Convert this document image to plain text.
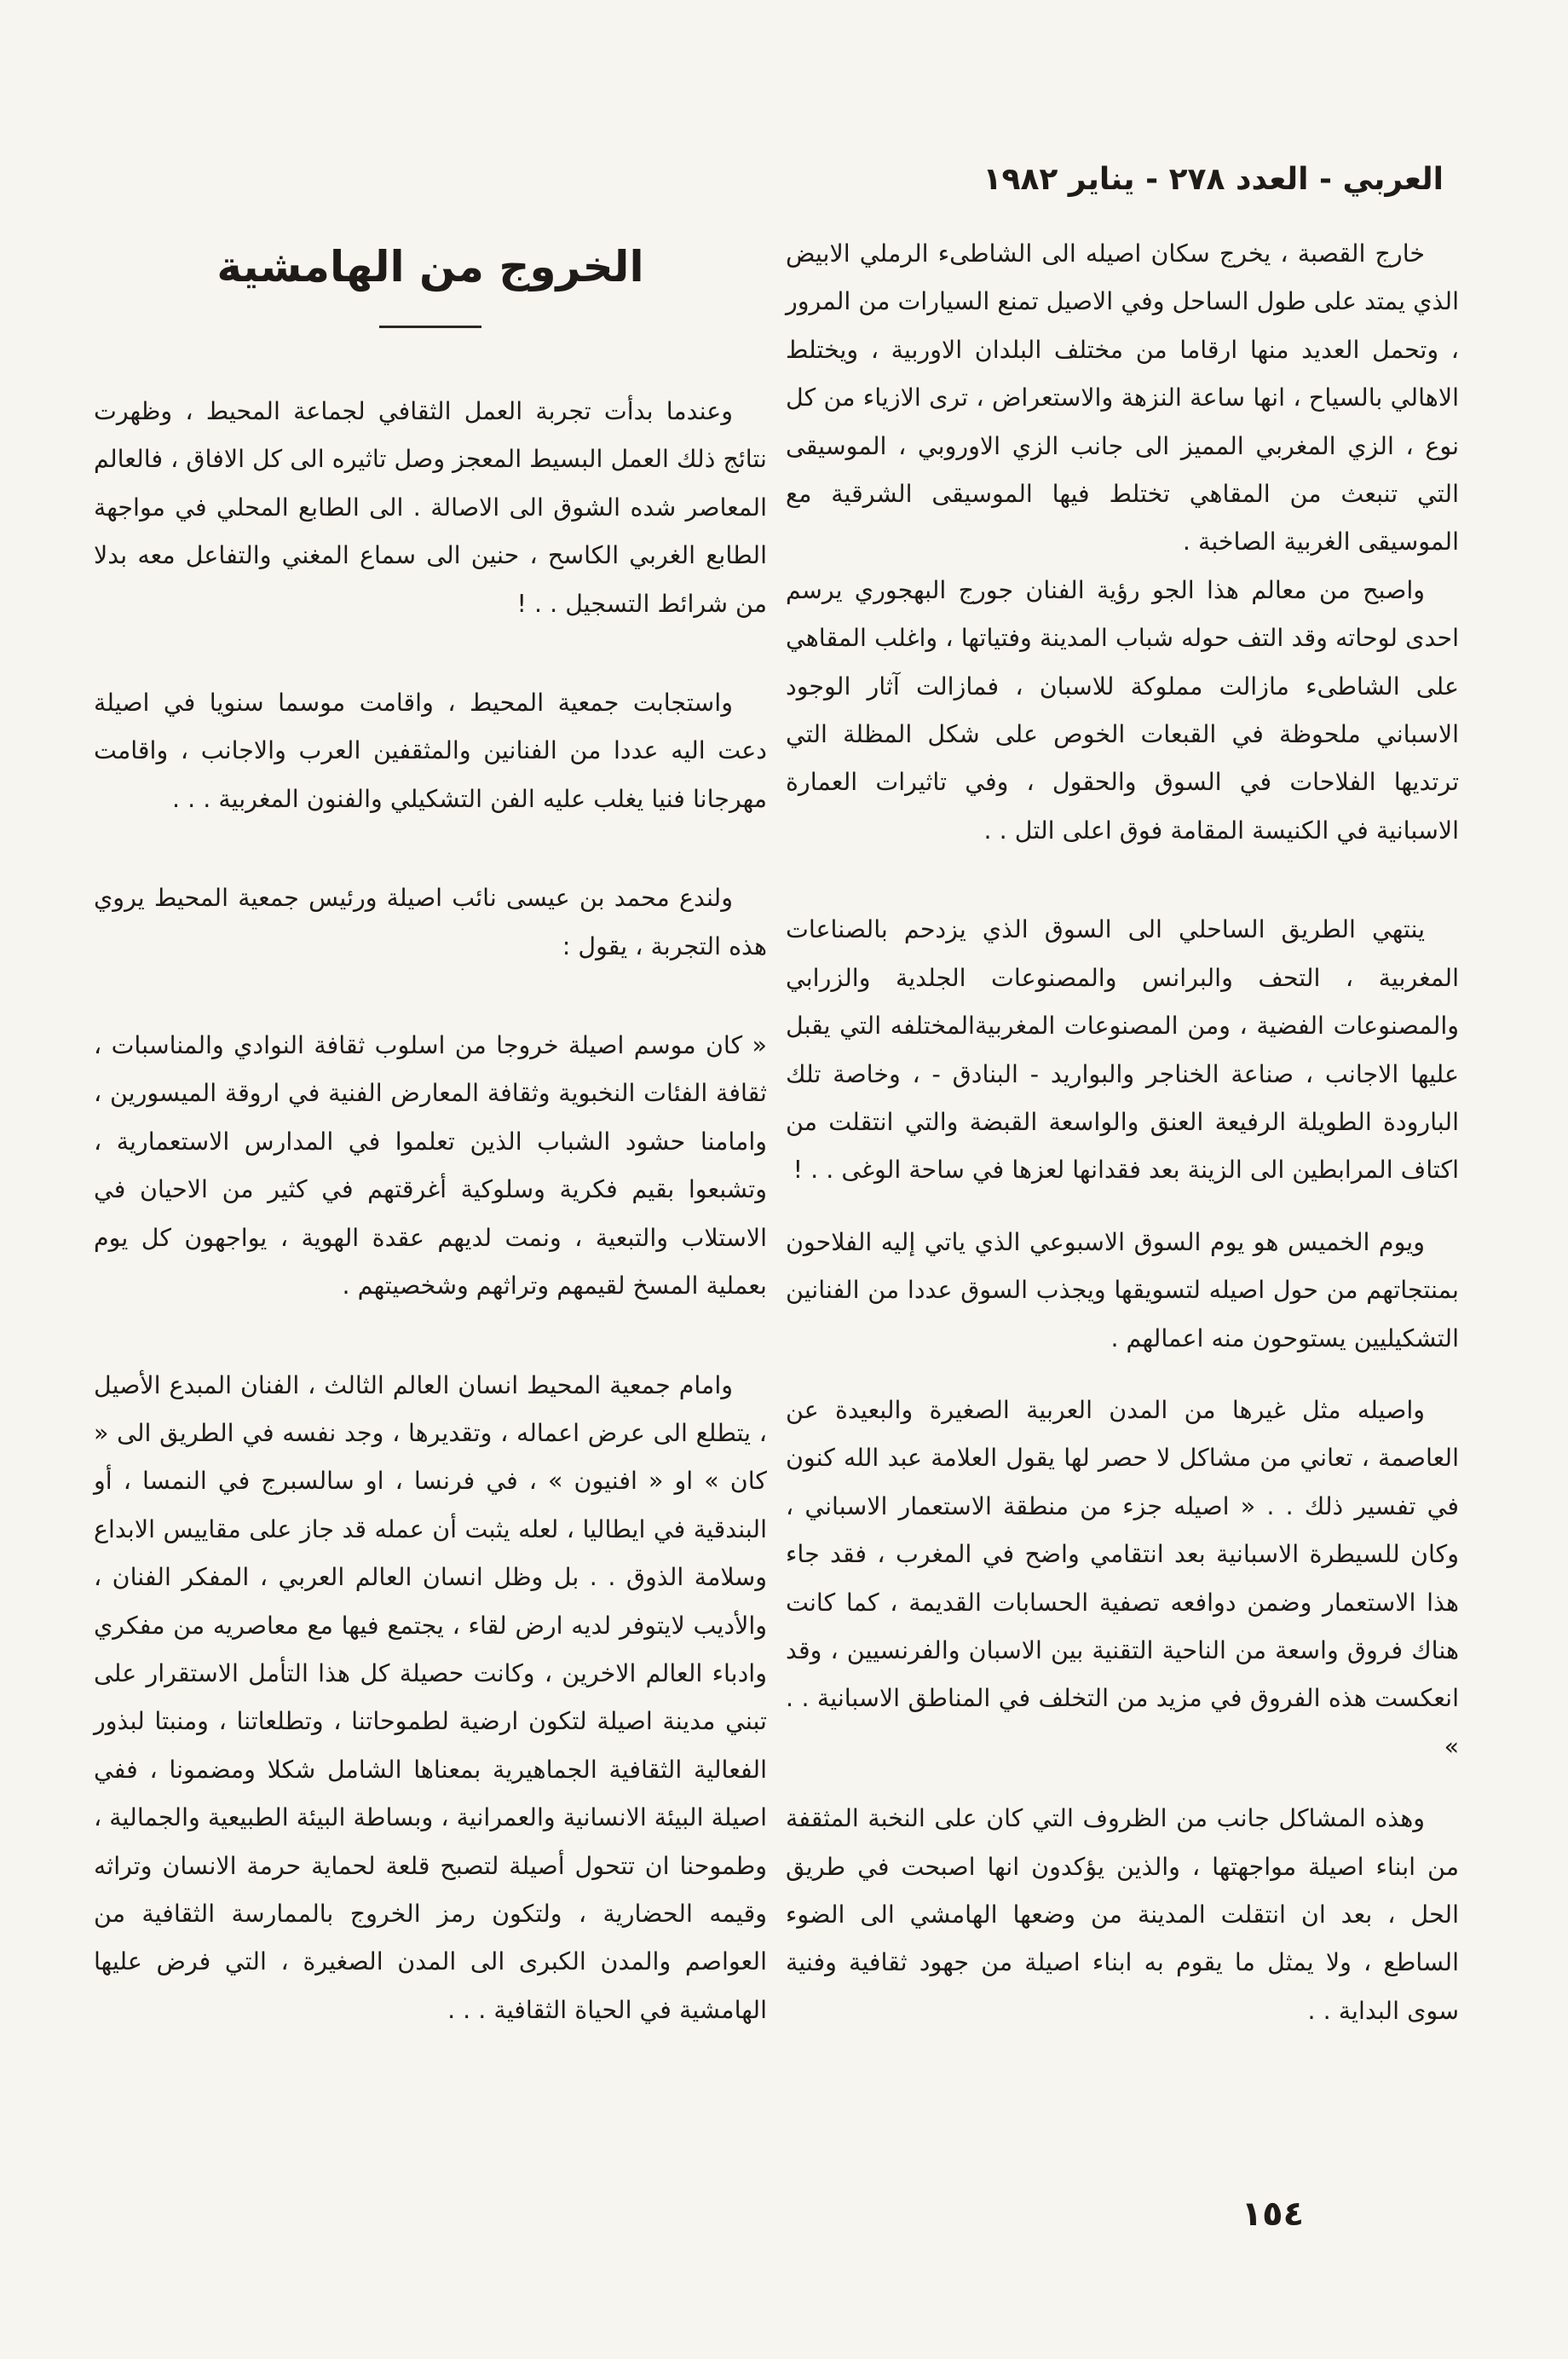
العربي - العدد ٢٧٨ - يناير ١٩٨٢

خارج القصبة ، يخرج سكان اصيله الى الشاطىء الرملي الابيض الذي يمتد على طول الساحل وفي الاصيل تمنع السيارات من المرور ، وتحمل العديد منها ارقاما من مختلف البلدان الاوربية ، ويختلط الاهالي بالسياح ، انها ساعة النزهة والاستعراض ، ترى الازياء من كل نوع ، الزي المغربي المميز الى جانب الزي الاوروبي ، الموسيقى التي تنبعث من المقاهي تختلط فيها الموسيقى الشرقية مع الموسيقى الغربية الصاخبة .

واصبح من معالم هذا الجو رؤية الفنان جورج البهجوري يرسم احدى لوحاته وقد التف حوله شباب المدينة وفتياتها ، واغلب المقاهي على الشاطىء مازالت مملوكة للاسبان ، فمازالت آثار الوجود الاسباني ملحوظة في القبعات الخوص على شكل المظلة التي ترتديها الفلاحات في السوق والحقول ، وفي تاثيرات العمارة الاسبانية في الكنيسة المقامة فوق اعلى التل . .

ينتهي الطريق الساحلي الى السوق الذي يزدحم بالصناعات المغربية ، التحف والبرانس والمصنوعات الجلدية والزرابي والمصنوعات الفضية ، ومن المصنوعات المغربيةالمختلفه التي يقبل عليها الاجانب ، صناعة الخناجر والبواريد - البنادق - ، وخاصة تلك البارودة الطويلة الرفيعة العنق والواسعة القبضة والتي انتقلت من اكتاف المرابطين الى الزينة بعد فقدانها لعزها في ساحة الوغى . . !

ويوم الخميس هو يوم السوق الاسبوعي الذي ياتي إليه الفلاحون بمنتجاتهم من حول اصيله لتسويقها ويجذب السوق عددا من الفنانين التشكيليين يستوحون منه اعمالهم .

واصيله مثل غيرها من المدن العربية الصغيرة والبعيدة عن العاصمة ، تعاني من مشاكل لا حصر لها يقول العلامة عبد الله كنون في تفسير ذلك . . « اصيله جزء من منطقة الاستعمار الاسباني ، وكان للسيطرة الاسبانية بعد انتقامي واضح في المغرب ، فقد جاء هذا الاستعمار وضمن دوافعه تصفية الحسابات القديمة ، كما كانت هناك فروق واسعة من الناحية التقنية بين الاسبان والفرنسيين ، وقد انعكست هذه الفروق في مزيد من التخلف في المناطق الاسبانية . . »

وهذه المشاكل جانب من الظروف التي كان على النخبة المثقفة من ابناء اصيلة مواجهتها ، والذين يؤكدون انها اصبحت في طريق الحل ، بعد ان انتقلت المدينة من وضعها الهامشي الى الضوء الساطع ، ولا يمثل ما يقوم به ابناء اصيلة من جهود ثقافية وفنية سوى البداية . .

الخروج من الهامشية

وعندما بدأت تجربة العمل الثقافي لجماعة المحيط ، وظهرت نتائج ذلك العمل البسيط المعجز وصل تاثيره الى كل الافاق ، فالعالم المعاصر شده الشوق الى الاصالة . الى الطابع المحلي في مواجهة الطابع الغربي الكاسح ، حنين الى سماع المغني والتفاعل معه بدلا من شرائط التسجيل . . !

واستجابت جمعية المحيط ، واقامت موسما سنويا في اصيلة دعت اليه عددا من الفنانين والمثقفين العرب والاجانب ، واقامت مهرجانا فنيا يغلب عليه الفن التشكيلي والفنون المغربية . . .

ولندع محمد بن عيسى نائب اصيلة ورئيس جمعية المحيط يروي هذه التجربة ، يقول :

« كان موسم اصيلة خروجا من اسلوب ثقافة النوادي والمناسبات ، ثقافة الفئات النخبوية وثقافة المعارض الفنية في اروقة الميسورين ، وامامنا حشود الشباب الذين تعلموا في المدارس الاستعمارية ، وتشبعوا بقيم فكرية وسلوكية أغرقتهم في كثير من الاحيان في الاستلاب والتبعية ، ونمت لديهم عقدة الهوية ، يواجهون كل يوم بعملية المسخ لقيمهم وتراثهم وشخصيتهم .

وامام جمعية المحيط انسان العالم الثالث ، الفنان المبدع الأصيل ، يتطلع الى عرض اعماله ، وتقديرها ، وجد نفسه في الطريق الى « كان » او « افنيون » ، في فرنسا ، او سالسبرج في النمسا ، أو البندقية في ايطاليا ، لعله يثبت أن عمله قد جاز على مقاييس الابداع وسلامة الذوق . . بل وظل انسان العالم العربي ، المفكر الفنان ، والأديب لايتوفر لديه ارض لقاء ، يجتمع فيها مع معاصريه من مفكري وادباء العالم الاخرين ، وكانت حصيلة كل هذا التأمل الاستقرار على تبني مدينة اصيلة لتكون ارضية لطموحاتنا ، وتطلعاتنا ، ومنبتا لبذور الفعالية الثقافية الجماهيرية بمعناها الشامل شكلا ومضمونا ، ففي اصيلة البيئة الانسانية والعمرانية ، وبساطة البيئة الطبيعية والجمالية ، وطموحنا ان تتحول أصيلة لتصبح قلعة لحماية حرمة الانسان وتراثه وقيمه الحضارية ، ولتكون رمز الخروج بالممارسة الثقافية من العواصم والمدن الكبرى الى المدن الصغيرة ، التي فرض عليها الهامشية في الحياة الثقافية . . .

١٥٤
